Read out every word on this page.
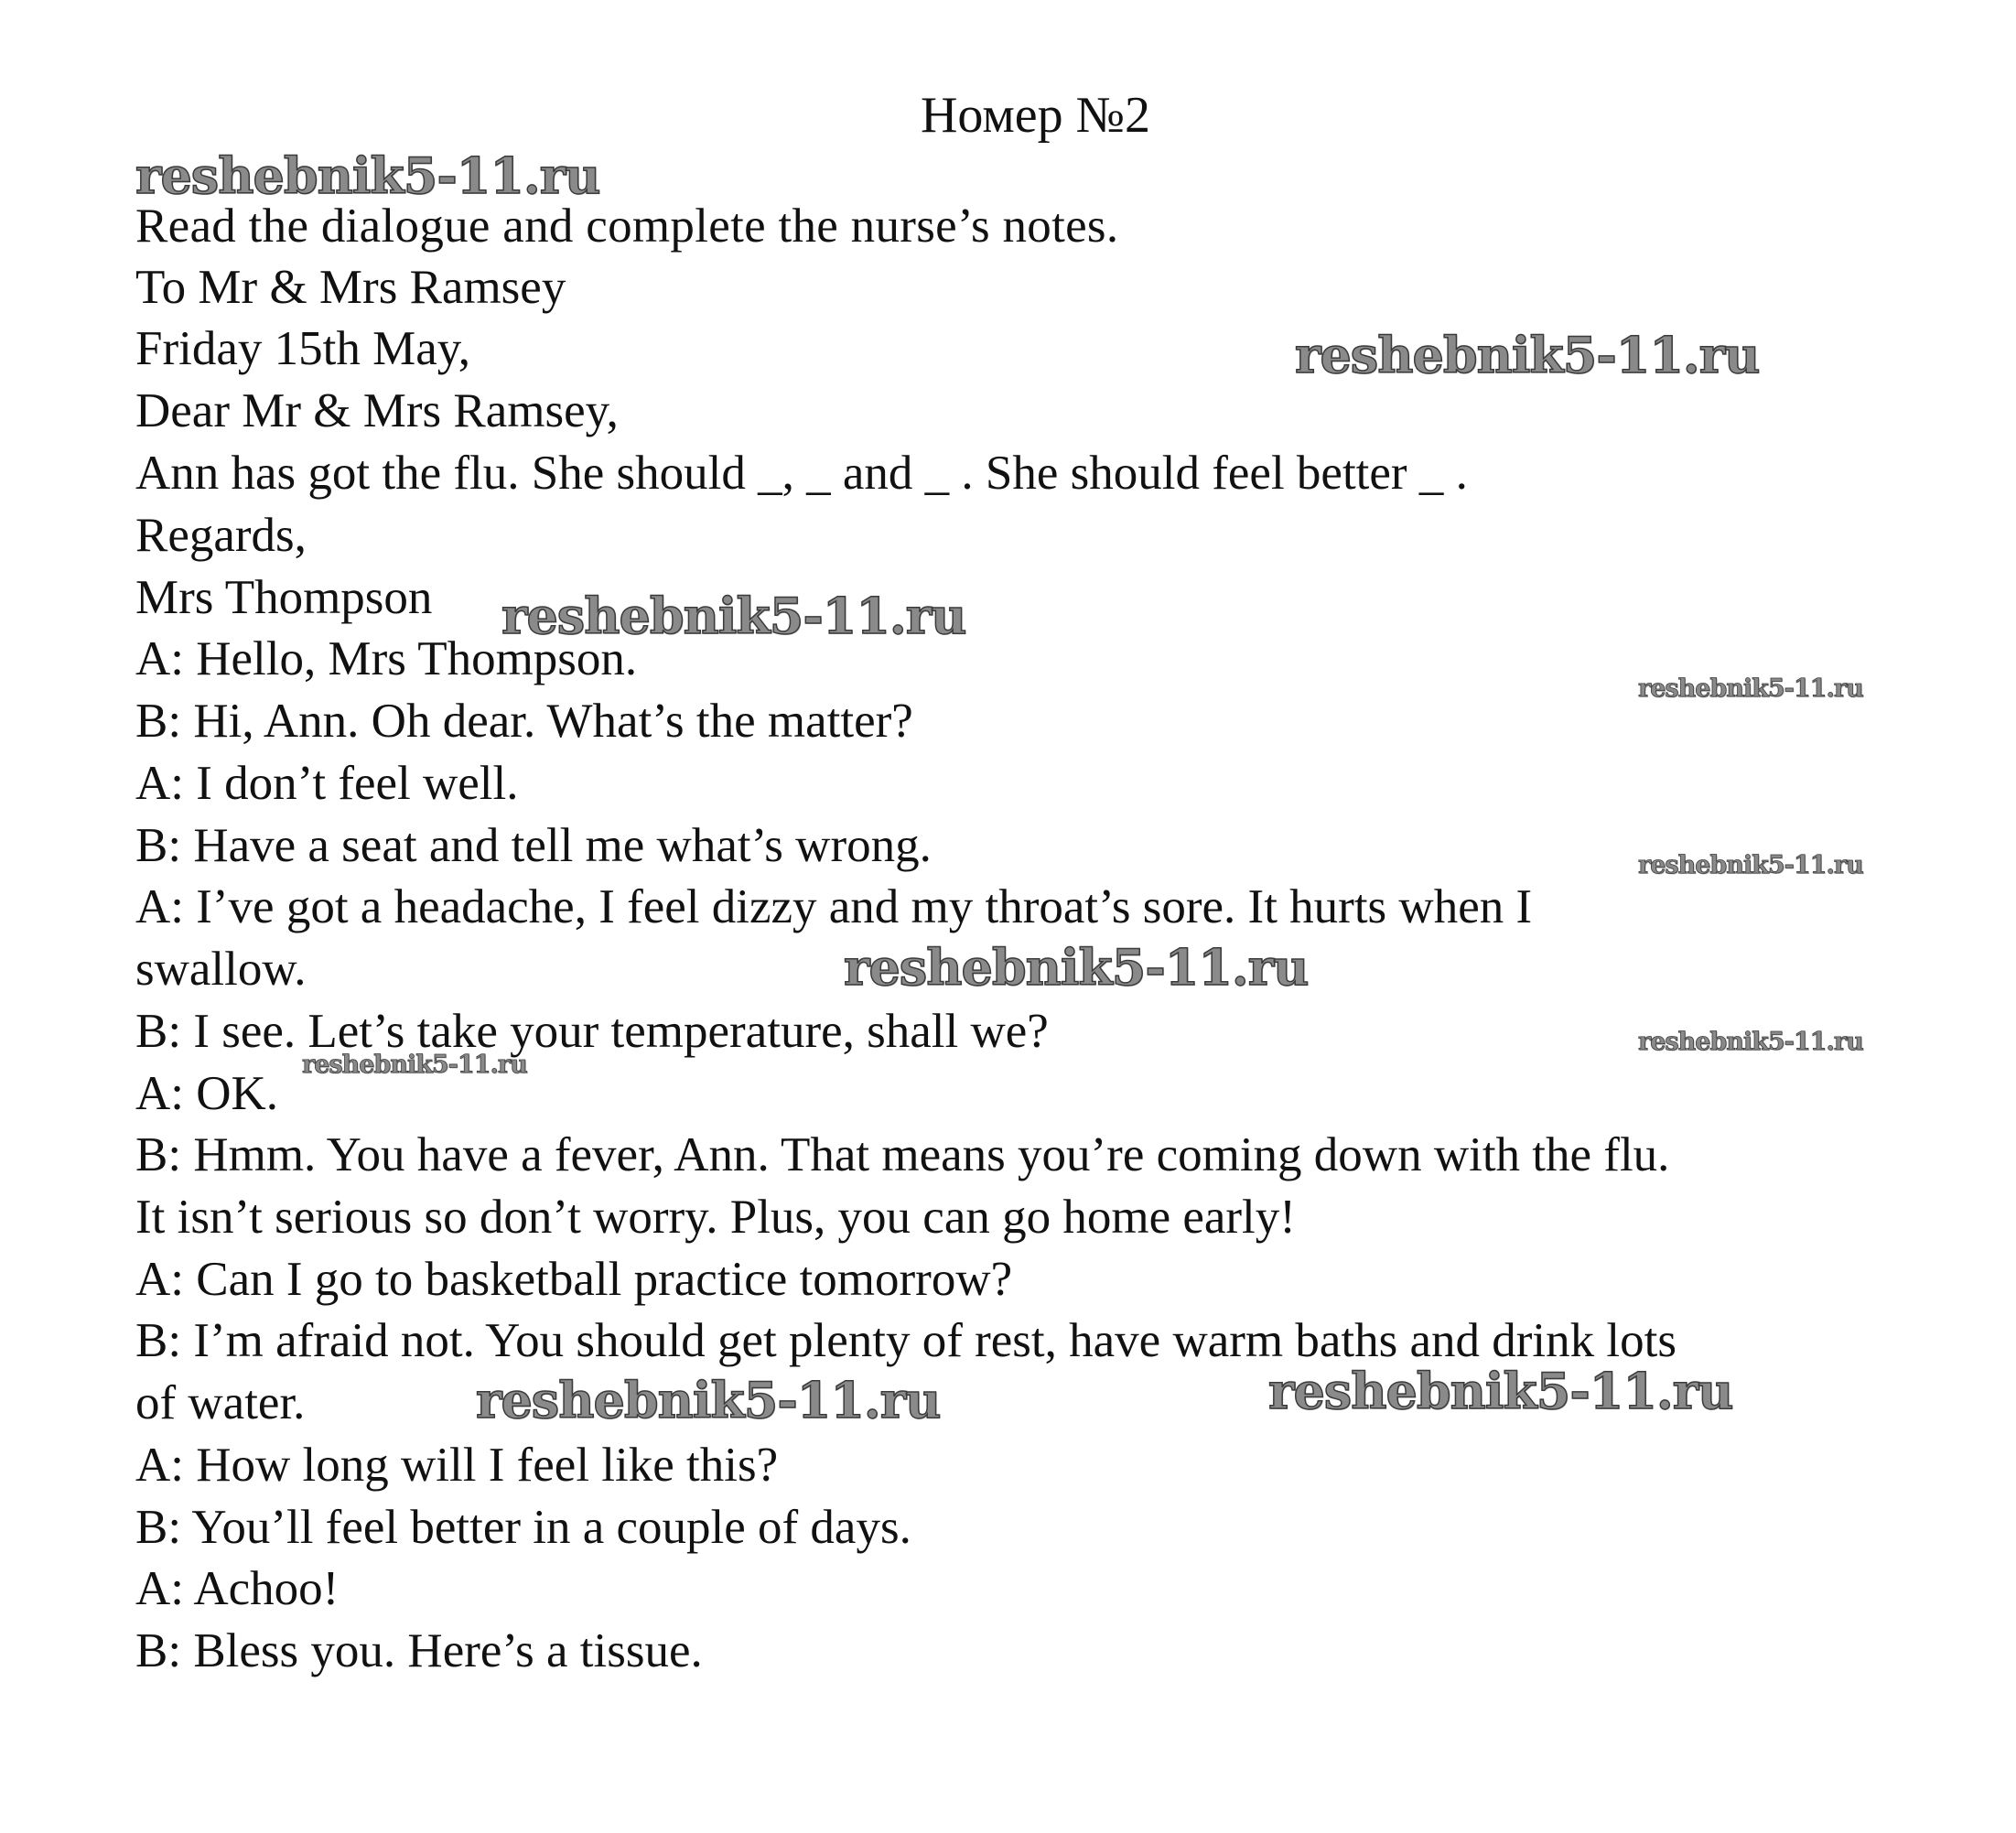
Номер №2
Read the dialogue and complete the nurse’s notes.
To Mr & Mrs Ramsey
Friday 15th May,
Dear Mr & Mrs Ramsey,
Ann has got the flu. She should _, _ and _ . She should feel better _ .
Regards,
Mrs Thompson
A: Hello, Mrs Thompson.
B: Hi, Ann. Oh dear. What’s the matter?
A: I don’t feel well.
B: Have a seat and tell me what’s wrong.
A: I’ve got a headache, I feel dizzy and my throat’s sore. It hurts when I
swallow.
B: I see. Let’s take your temperature, shall we?
A: OK.
B: Hmm. You have a fever, Ann. That means you’re coming down with the flu.
It isn’t serious so don’t worry. Plus, you can go home early!
A: Can I go to basketball practice tomorrow?
B: I’m afraid not. You should get plenty of rest, have warm baths and drink lots
of water.
A: How long will I feel like this?
B: You’ll feel better in a couple of days.
A: Achoo!
B: Bless you. Here’s a tissue.
reshebnik5-11.ru
reshebnik5-11.ru
reshebnik5-11.ru
reshebnik5-11.ru
reshebnik5-11.ru
reshebnik5-11.ru
reshebnik5-11.ru
reshebnik5-11.ru
reshebnik5-11.ru	reshebnik5-11.ru
